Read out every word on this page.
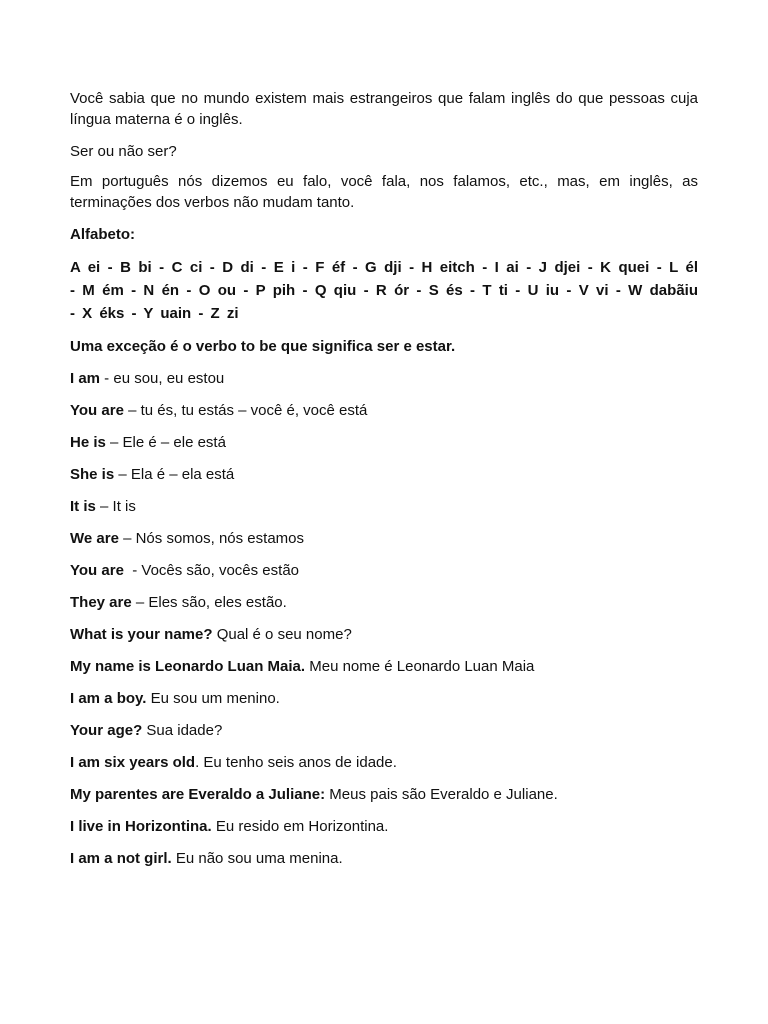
Você sabia que no mundo existem mais estrangeiros que falam inglês do que pessoas cuja língua materna é o inglês.

Ser ou não ser?

Em português nós dizemos eu falo, você fala, nos falamos, etc., mas, em inglês, as terminações dos verbos não mudam tanto.

Alfabeto:

A ei - B bi - C ci - D di - E i - F éf - G dji - H eitch - I ai - J djei - K quei - L él - M ém - N én - O ou - P pih - Q qiu - R ór - S és - T ti - U iu - V vi - W dabãiu - X éks - Y uain - Z zi

Uma exceção é o verbo to be que significa ser e estar.

I am - eu sou, eu estou

You are – tu és, tu estás – você é, você está

He is – Ele é – ele está

She is – Ela é – ela está

It is – It is

We are – Nós somos, nós estamos

You are  - Vocês são, vocês estão

They are – Eles são, eles estão.

What is your name? Qual é o seu nome?

My name is Leonardo Luan Maia. Meu nome é Leonardo Luan Maia

I am a boy. Eu sou um menino.

Your age? Sua idade?

I am six years old. Eu tenho seis anos de idade.

My parentes are Everaldo a Juliane: Meus pais são Everaldo e Juliane.

I live in Horizontina. Eu resido em Horizontina.

I am a not girl. Eu não sou uma menina.
